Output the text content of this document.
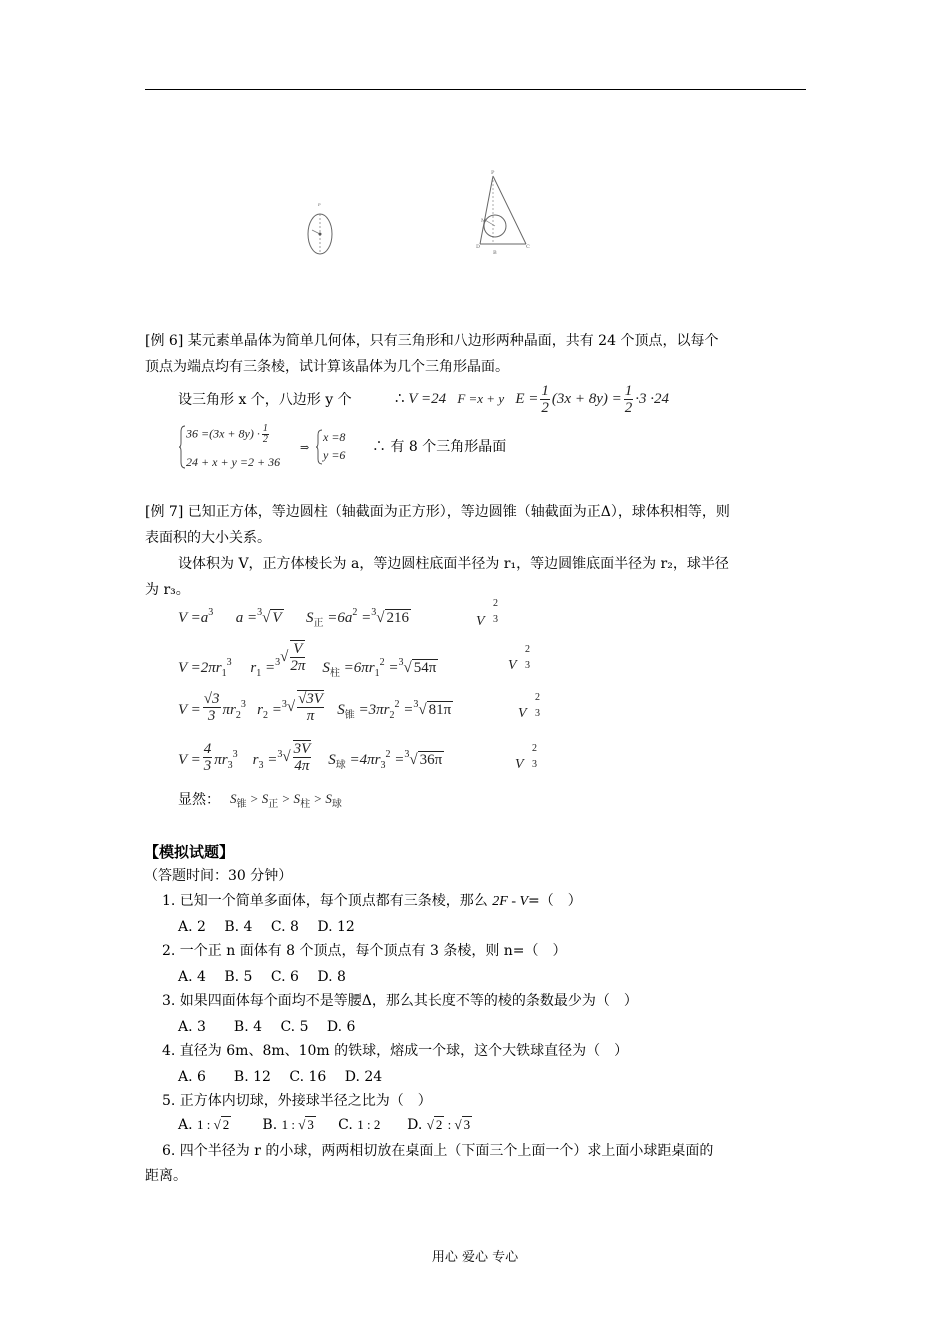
P
P
D	C
B
M
[例 6] 某元素单晶体为简单几何体，只有三角形和八边形两种晶面，共有 24 个顶点，以每个
顶点为端点均有三条棱，试计算该晶体为几个三角形晶面。
设三角形 x 个，八边形 y 个	∴ V =24   F =x + y $E = \frac{1}{2} (3x + 8y) = \frac{1}{2} \cdot 3 \cdot 24$
$36 =(3x + 8y) \cdot \frac{1}{2}$
24 + x + y =2 + 36
⇒
x =8
y =6 ∴ 有 8 个三角形晶面
[例 7] 已知正方体，等边圆柱（轴截面为正方形），等边圆锥（轴截面为正Δ），球体积相等，则
表面积的大小关系。
设体积为 V，正方体棱长为 a，等边圆柱底面半径为 r₁，等边圆锥底面半径为 r₂，球半径
为 r₃。
$V =a^3$ a =$^3$√ V      $S_正 =6a^2 =^3√$ 216	V
2
3
$V =2\pi r_1^3$ $r_1 =^3√ \frac{V}{2\pi} S_柱 =6\pi r_1^2 =^3√$ 54π	V
2
3
$V = \frac{√3}{3} \pi r_2^3$ $r_2 =^3√ \frac{√3V}{\pi} S_锥 =3\pi r_2^2 =^3√$ 81π	V
2
3
$V = \frac{4}{3} \pi r_3^3$ $r_3 =^3√ \frac{3V}{4\pi} S_球 =4\pi r_3^2 =^3√$ 36π	V
2
3
显然： $S_锥 > S_正 > S_柱 > S_球$
【模拟试题】
（答题时间：30 分钟）
1. 已知一个简单多面体，每个顶点都有三条棱，那么 2F - V=（　）
A. 2　 B. 4　 C. 8　 D. 12
2. 一个正 n 面体有 8 个顶点，每个顶点有 3 条棱，则 n=（　）
A. 4　 B. 5　 C. 6　 D. 8
3. 如果四面体每个面均不是等腰Δ，那么其长度不等的棱的条数最少为（　）
A. 3　　B. 4　 C. 5　 D. 6
4. 直径为 6m、8m、10m 的铁球，熔成一个球，这个大铁球直径为（　）
A. 6　　B. 12　 C. 16　 D. 24
5. 正方体内切球，外接球半径之比为（　）
A. 1 : √ 2 B. 1 : √ 3 C. 1 : 2 D. √ 2 : √ 3
6. 四个半径为 r 的小球，两两相切放在桌面上（下面三个上面一个）求上面小球距桌面的
距离。
用心 爱心 专心
